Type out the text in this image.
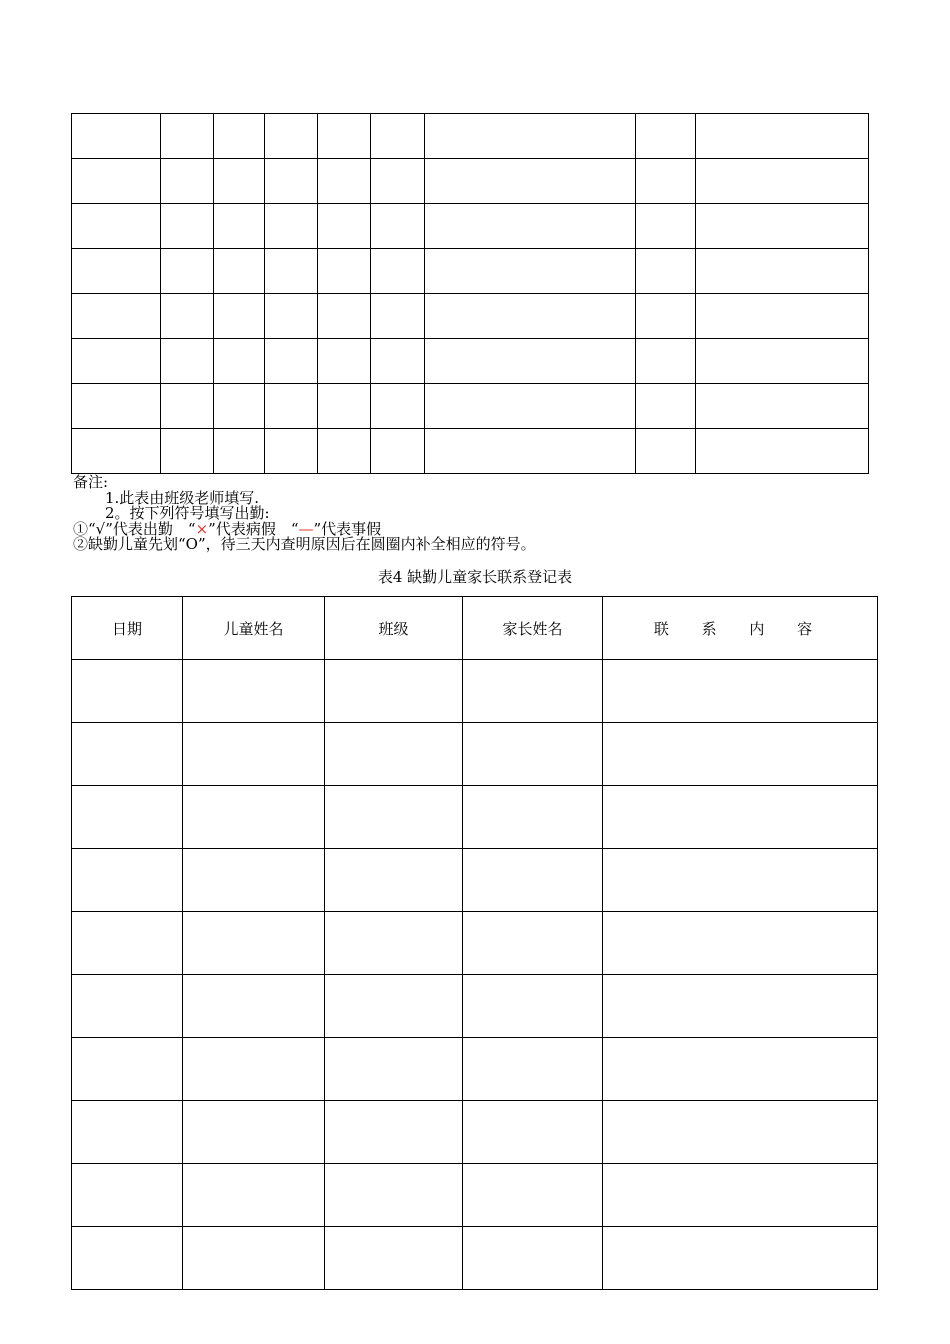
备注:
1.此表由班级老师填写.
2。按下列符号填写出勤:
①“√”代表出勤　“×”代表病假　“—”代表事假
②缺勤儿童先划“O”，待三天内查明原因后在圆圈内补全相应的符号。
表4 缺勤儿童家长联系登记表
日期	儿童姓名	班级	家长姓名	联 系 内 容
